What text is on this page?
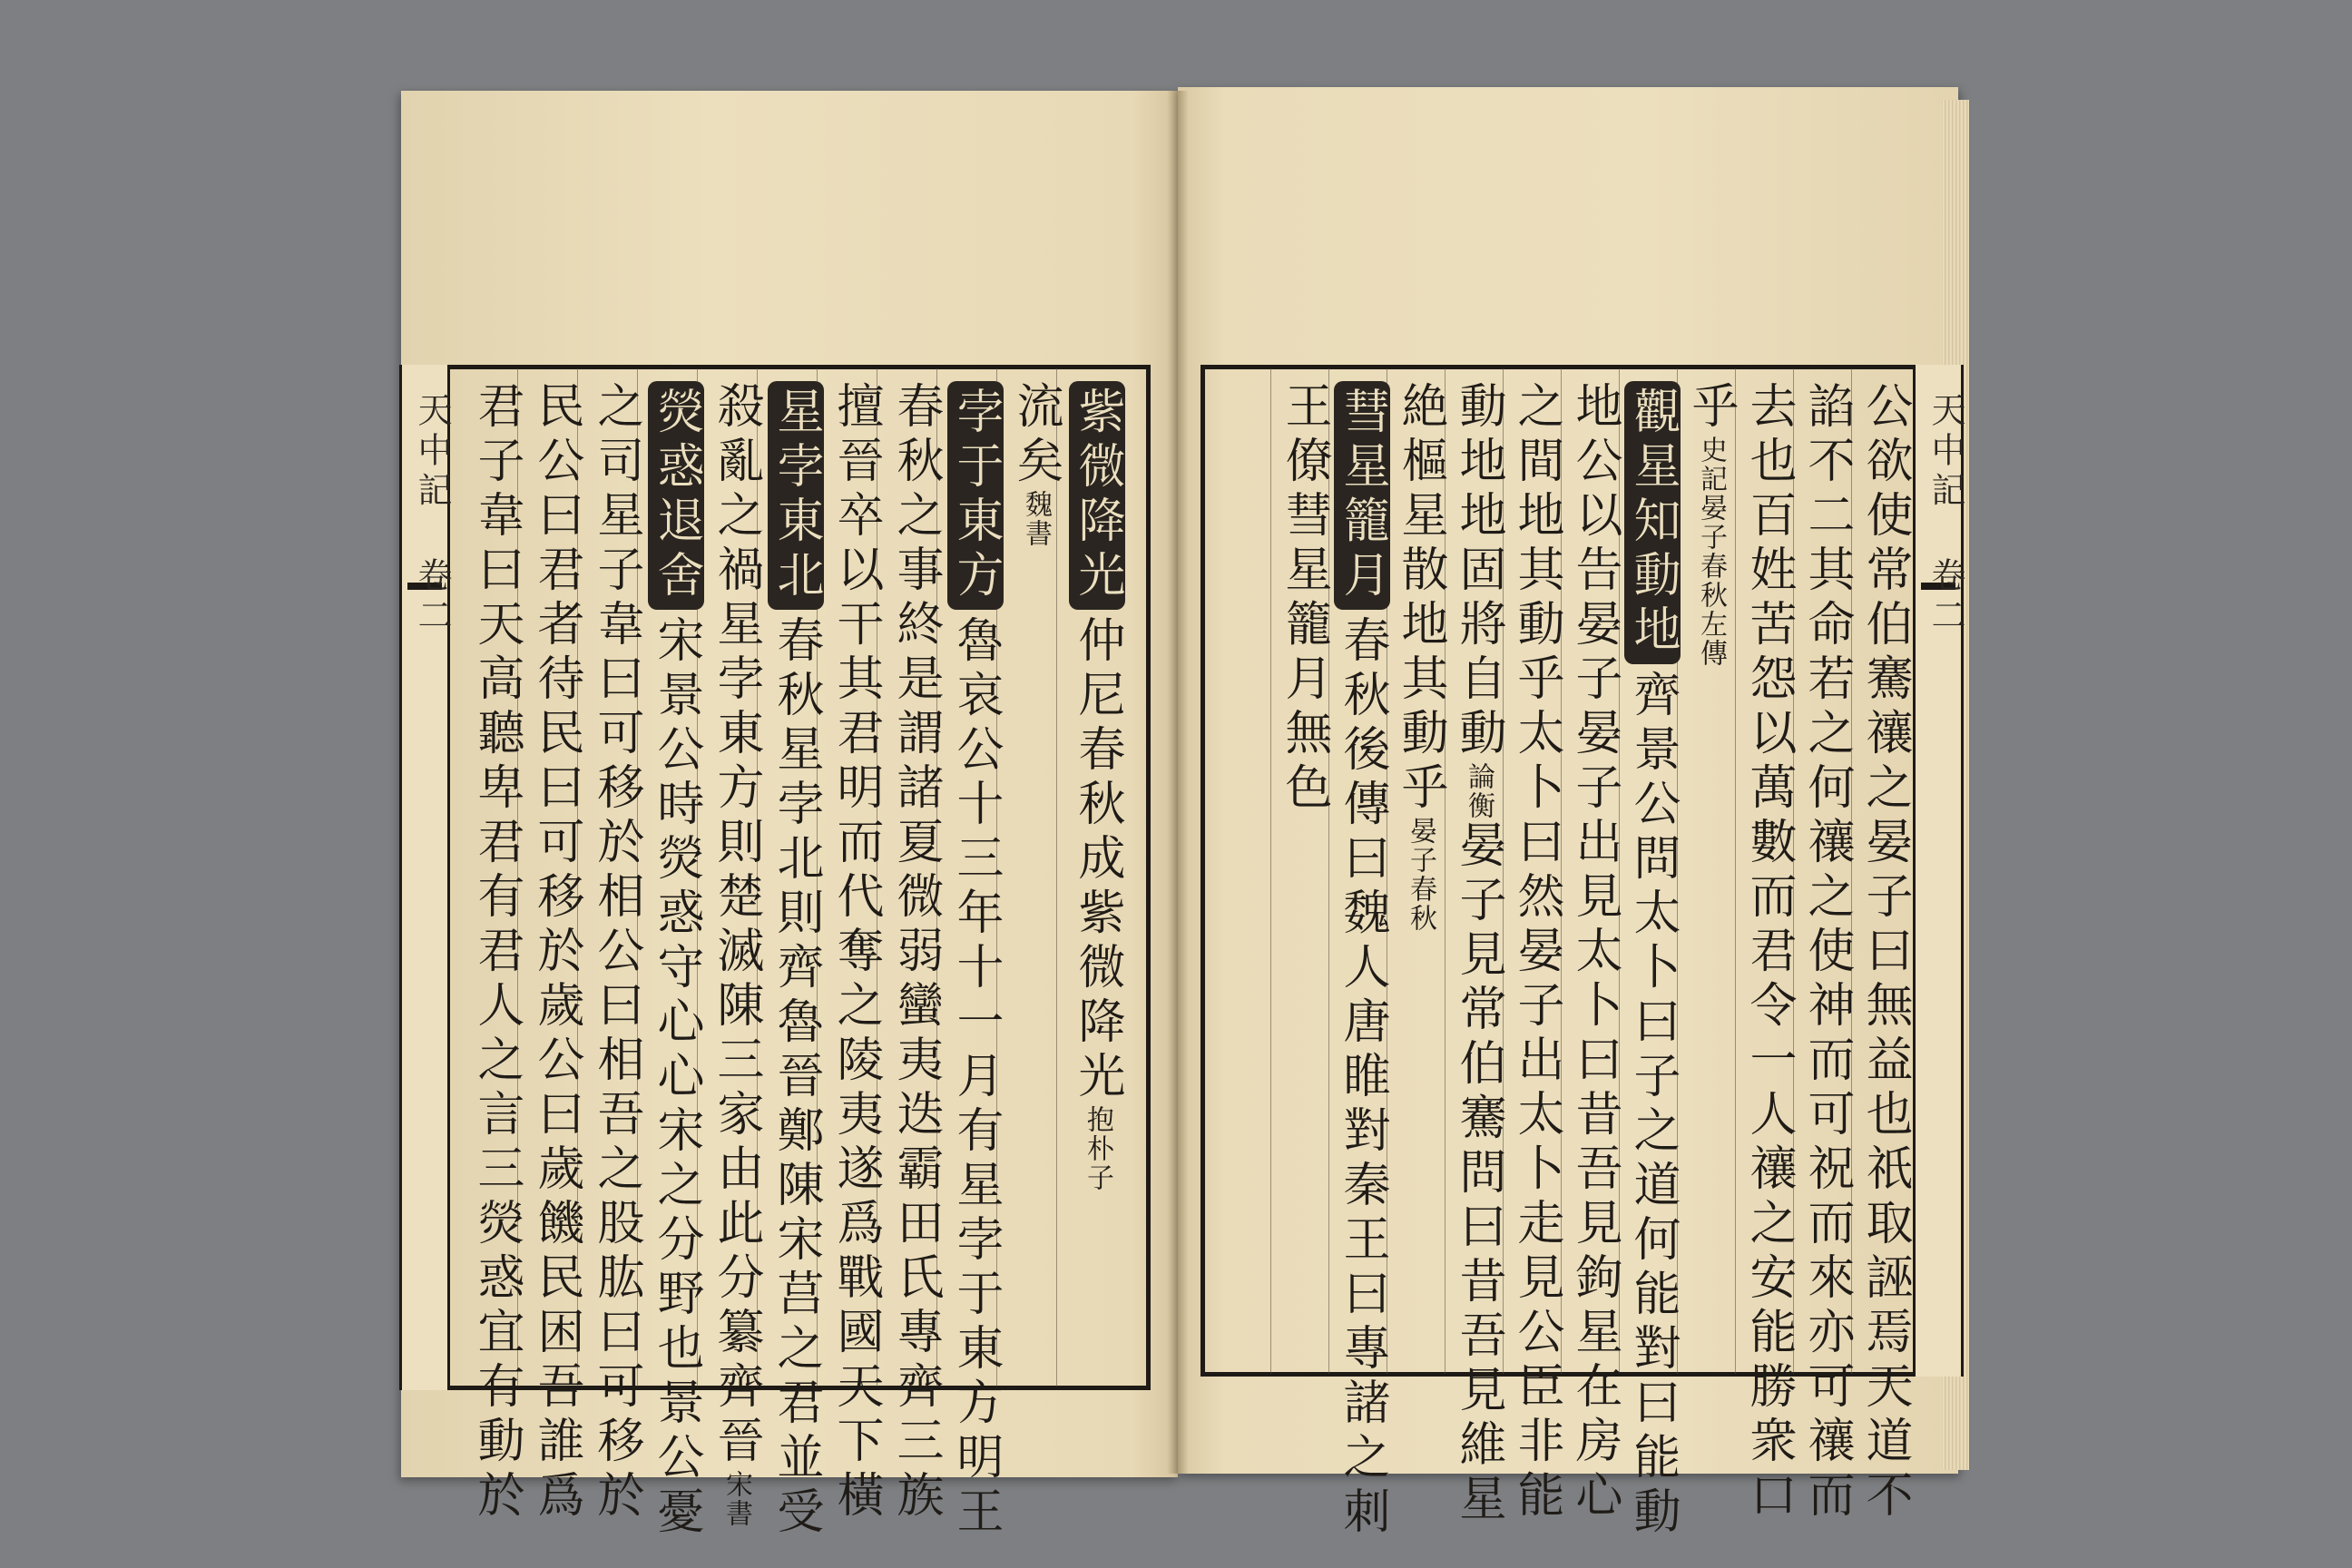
天中記 卷二	紫微降光仲尼春秋成紫微降光抱朴子
流矣魏書
孛于東方魯哀公十三年十一月有星孛于東方明王
春秋之事終是謂諸夏微弱蠻夷迭霸田氏專齊三族
擅晉卒以干其君明而代奪之陵夷遂爲戰國天下橫
星孛東北春秋星孛北則齊魯晉鄭陳宋莒之君並受
殺亂之禍星孛東方則楚滅陳三家由此分纂齊晉宋書
熒惑退舍宋景公時熒惑守心心宋之分野也景公憂
之司星子韋曰可移於相公曰相吾之股肱曰可移於
民公曰君者待民曰可移於歲公曰歲饑民困吾誰爲
君子韋曰天高聽卑君有君人之言三熒惑宜有動於	天中記 卷二
公欲使常伯騫禳之晏子曰無益也祇取誣焉天道不
諂不二其命若之何禳之使神而可祝而來亦可禳而
去也百姓苦怨以萬數而君令一人禳之安能勝衆口
乎史記晏子春秋左傳
觀星知動地齊景公問太卜曰子之道何能對曰能動
地公以告晏子晏子出見太卜曰昔吾見鉤星在房心
之間地其動乎太卜曰然晏子出太卜走見公臣非能
動地地固將自動論衡晏子見常伯騫問曰昔吾見維星
絶樞星散地其動乎晏子春秋
彗星籠月春秋後傳曰魏人唐睢對秦王曰專諸之刺
王僚彗星籠月無色
